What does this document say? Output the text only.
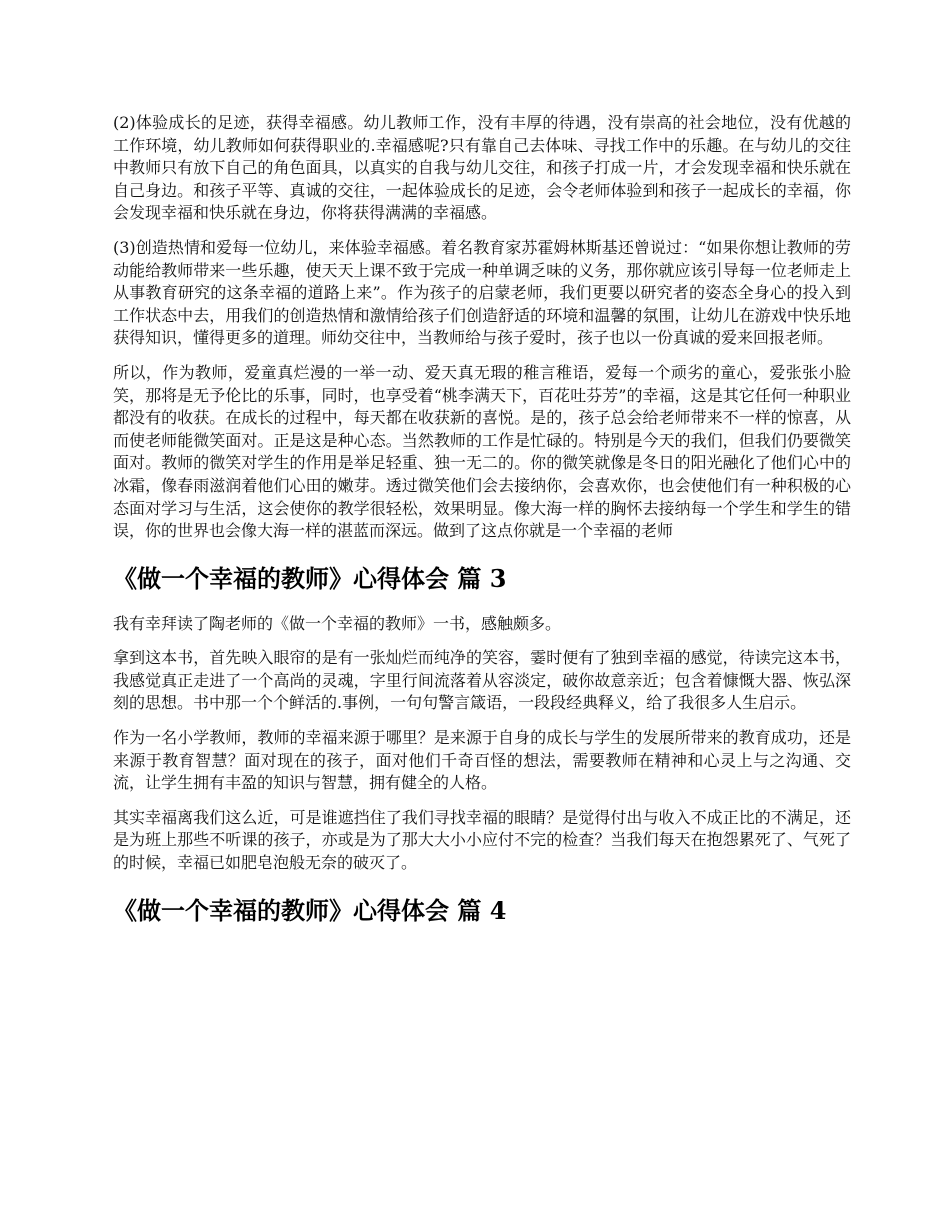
(2)体验成长的足迹，获得幸福感。幼儿教师工作，没有丰厚的待遇，没有崇高的社会地位，没有优越的工作环境，幼儿教师如何获得职业的.幸福感呢?只有靠自己去体味、寻找工作中的乐趣。在与幼儿的交往中教师只有放下自己的角色面具，以真实的自我与幼儿交往，和孩子打成一片，才会发现幸福和快乐就在自己身边。和孩子平等、真诚的交往，一起体验成长的足迹，会令老师体验到和孩子一起成长的幸福，你会发现幸福和快乐就在身边，你将获得满满的幸福感。

(3)创造热情和爱每一位幼儿，来体验幸福感。着名教育家苏霍姆林斯基还曾说过：“如果你想让教师的劳动能给教师带来一些乐趣，使天天上课不致于完成一种单调乏味的义务，那你就应该引导每一位老师走上从事教育研究的这条幸福的道路上来”。作为孩子的启蒙老师，我们更要以研究者的姿态全身心的投入到工作状态中去，用我们的创造热情和激情给孩子们创造舒适的环境和温馨的氛围，让幼儿在游戏中快乐地获得知识，懂得更多的道理。师幼交往中，当教师给与孩子爱时，孩子也以一份真诚的爱来回报老师。

所以，作为教师，爱童真烂漫的一举一动、爱天真无瑕的稚言稚语，爱每一个顽劣的童心，爱张张小脸笑，那将是无予伦比的乐事，同时，也享受着“桃李满天下，百花吐芬芳”的幸福，这是其它任何一种职业都没有的收获。在成长的过程中，每天都在收获新的喜悦。是的，孩子总会给老师带来不一样的惊喜，从而使老师能微笑面对。正是这是种心态。当然教师的工作是忙碌的。特别是今天的我们，但我们仍要微笑面对。教师的微笑对学生的作用是举足轻重、独一无二的。你的微笑就像是冬日的阳光融化了他们心中的冰霜，像春雨滋润着他们心田的嫩芽。透过微笑他们会去接纳你，会喜欢你，也会使他们有一种积极的心态面对学习与生活，这会使你的教学很轻松，效果明显。像大海一样的胸怀去接纳每一个学生和学生的错误，你的世界也会像大海一样的湛蓝而深远。做到了这点你就是一个幸福的老师

《做一个幸福的教师》心得体会 篇 3

我有幸拜读了陶老师的《做一个幸福的教师》一书，感触颇多。

拿到这本书，首先映入眼帘的是有一张灿烂而纯净的笑容，霎时便有了独到幸福的感觉，待读完这本书，我感觉真正走进了一个高尚的灵魂，字里行间流落着从容淡定，破你故意亲近；包含着慷慨大器、恢弘深刻的思想。书中那一个个鲜活的.事例，一句句警言箴语，一段段经典释义，给了我很多人生启示。

作为一名小学教师，教师的幸福来源于哪里？是来源于自身的成长与学生的发展所带来的教育成功，还是来源于教育智慧？面对现在的孩子，面对他们千奇百怪的想法，需要教师在精神和心灵上与之沟通、交流，让学生拥有丰盈的知识与智慧，拥有健全的人格。

其实幸福离我们这么近，可是谁遮挡住了我们寻找幸福的眼睛？是觉得付出与收入不成正比的不满足，还是为班上那些不听课的孩子，亦或是为了那大大小小应付不完的检查？当我们每天在抱怨累死了、气死了的时候，幸福已如肥皂泡般无奈的破灭了。

《做一个幸福的教师》心得体会 篇 4
